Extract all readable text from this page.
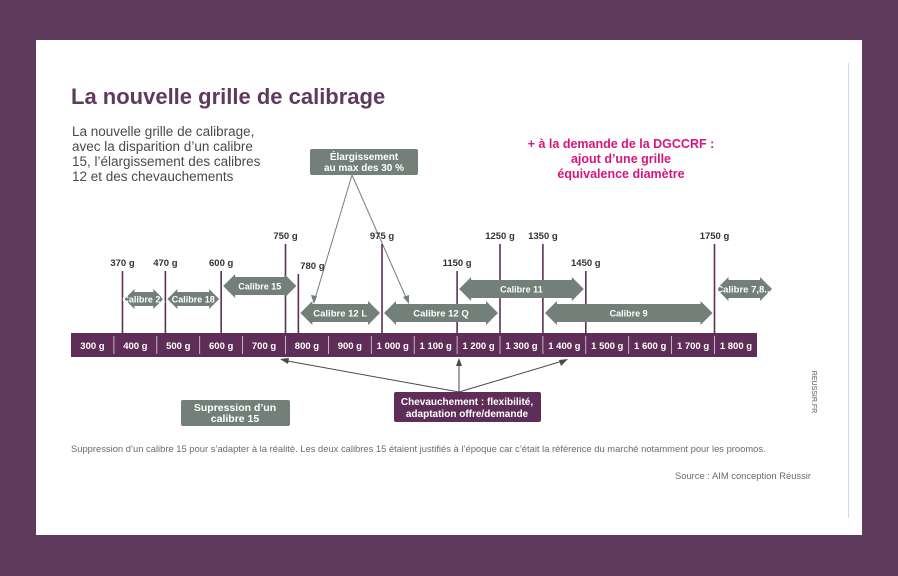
La nouvelle grille de calibrage
La nouvelle grille de calibrage,
avec la disparition d’un calibre
15, l’élargissement des calibres
12 et des chevauchements
+ à la demande de la DGCCRF :
ajout d’une grille
équivalence diamètre
Élargissement
au max des 30 %
370 g 470 g	600 g
750 g
780 g
975 g
1150 g
1250 g 1350 g
1450 g
1750 g
Calibre 21 Calibre 18
Calibre 15
Calibre 12 L	Calibre 12 Q
Calibre 11
Calibre 9
Calibre 7,8...
300 g 400 g 500 g 600 g 700 g 800 g 900 g 1 000 g 1 100 g 1 200 g 1 300 g 1 400 g 1 500 g 1 600 g 1 700 g 1 800 g
Chevauchement : flexibilité,
adaptation offre/demande
Supression d’un
calibre 15
REUSSIR.FR
Suppression d’un calibre 15 pour s’adapter à la réalité. Les deux calibres 15 étaient justifiés à l’époque car c’était la référence du marché notamment pour les proomos.
Source : AIM conception Réussir
